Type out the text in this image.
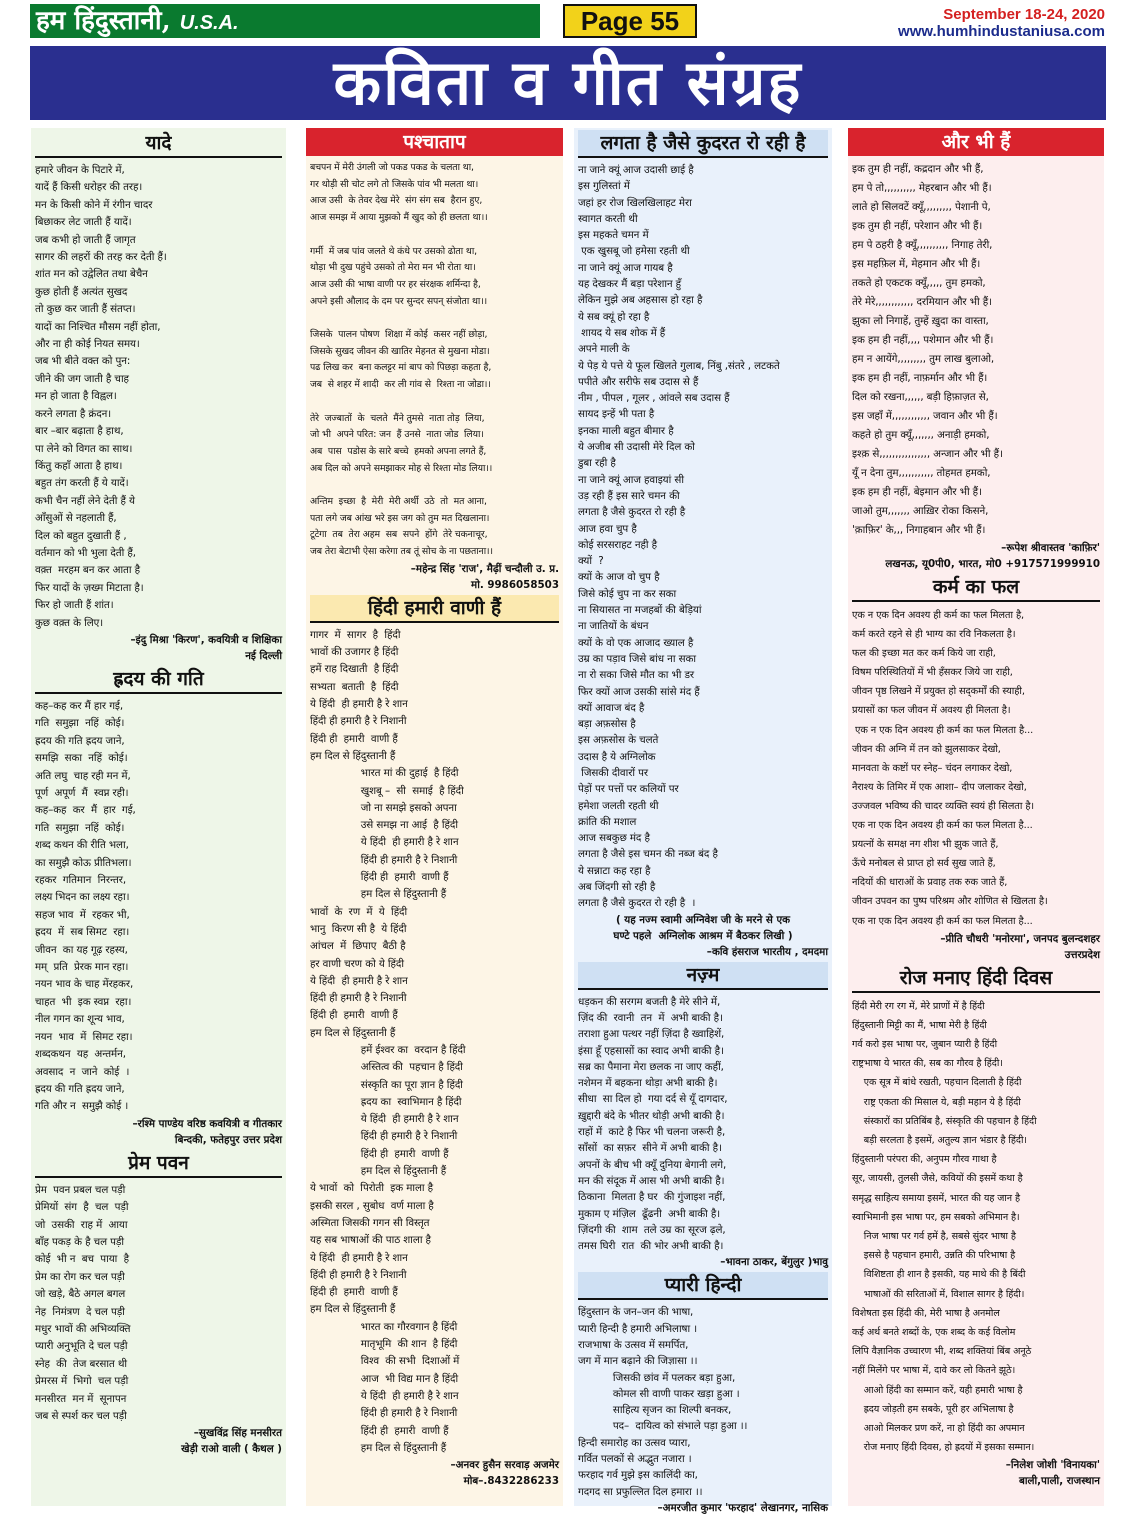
हम हिंदुस्तानी, U.S.A.	Page 55	September 18-24, 2020
www.humhindustaniusa.com
कविता व गीत संग्रह
यादे
हमारे जीवन के पिटारे में,
यादें हैं किसी धरोहर की तरह।
मन के किसी कोने में रंगीन चादर
बिछाकर लेट जाती हैं यादें।
जब कभी हो जाती हैं जागृत
सागर की लहरों की तरह कर देती हैं।
शांत मन को उद्वेलित तथा बेचैन
कुछ होती हैं अत्यंत सुखद
तो कुछ कर जाती हैं संतप्त।
यादों का निश्चित मौसम नहीं होता,
और ना ही कोई नियत समय।
जब भी बीते वक्त को पुन:
जीने की जग जाती है चाह
मन हो जाता है विह्वल।
करने लगता है क्रंदन।
बार –बार बढ़ाता है हाथ,
पा लेने को विगत का साथ।
किंतु कहाँ आता है हाथ।
बहुत तंग करती हैं ये यादें।
कभी चैन नहीं लेने देती हैं ये
आँसुओं से नहलाती हैं,
दिल को बहुत दुखाती हैं ,
वर्तमान को भी भुला देती हैं,
वक़्त  मरहम बन कर आता है
फिर यादों के ज़ख्म मिटाता है।
फिर हो जाती हैं शांत।
कुछ वक़्त के लिए।
–इंदु मिश्रा 'किरण', कवयित्री व शिक्षिका
नई दिल्ली
ह्रदय की गति
कह–कह कर मैं हार गई,
गति  समुझा  नहिं  कोई।
ह्रदय की गति ह्रदय जाने,
समझि  सका  नहिं  कोई।
अति लघु  चाह रही मन में,
पूर्ण  अपूर्ण  मैं  स्वप्न रही।
कह–कह  कर  मैं  हार  गई,
गति  समुझा  नहिं  कोई।
शब्द कथन की रीति भला,
का समुझै कोऊ प्रीतिभला।
रहकर  गतिमान  निरन्तर,
लक्ष्य भिदन का लक्ष्य रहा।
सहज भाव  में  रहकर भी,
ह्रदय  में  सब सिमट  रहा।
जीवन  का यह गूढ़ रहस्य,
मम्  प्रति  प्रेरक मान रहा।
नयन भाव के चाह मेंरहकर,
चाहत  भी  इक स्वप्न  रहा।
नील गगन का शून्य भाव,
नयन  भाव  में  सिमट रहा।
शब्दकथन  यह  अन्तर्मन,
अवसाद  न  जाने  कोई  ।
ह्रदय की गति ह्रदय जाने,
गति और न  समुझै कोई ।
–रश्मि पाण्डेय वरिष्ठ कवयित्री व गीतकार
बिन्दकी, फतेहपुर उत्तर प्रदेश
प्रेम पवन
प्रेम  पवन प्रबल चल पड़ी
प्रेमियों  संग  है  चल  पड़ी
जो  उसकी  राह में  आया
बाँह पकड़ के है चल पड़ी
कोई  भी न  बच  पाया  है
प्रेम का रोग कर चल पड़ी
जो खड़े, बैठे अगल बगल
नेह  निमंत्रण  दे चल पड़ी
मधुर भावों की अभिव्यक्ति
प्यारी अनुभूति दे चल पड़ी
स्नेह  की  तेज बरसात थी
प्रेमरस में  भिगो  चल पड़ी
मनसीरत  मन में  सूनापन
जब से स्पर्श कर चल पड़ी
–सुखविंद्र सिंह मनसीरत
खेड़ी राओ वाली ( कैथल )
पश्चाताप
बचपन में मेरी उंगली जो पकड पकड के चलता था,
गर थोड़ी सी चोट लगे तो जिसके पांव भी मलता था।
आज उसी  के तेवर देख मेरे  संग संग सब  हैरान हुए,
आज समझ में आया मुझको मैं खुद को ही छलता था।।

गर्मी  में जब पांव जलते थे कंधे पर उसको ढोता था,
थोड़ा भी दुख पहुंचे उसको तो मेरा मन भी रोता था।
आज उसी की भाषा वाणी पर हर संरक्षक शर्मिन्दा है,
अपने इसी औलाद के दम पर सुन्दर सपन् संजोता था।।

जिसके  पालन पोषण  शिक्षा में कोई  कसर नहीं छोड़ा,
जिसके सुखद जीवन की खातिर मेहनत से मुखना मोडा।
पढ लिख कर  बना कलट्टर मां बाप को पिछड़ा कहता है,
जब  से शहर में शादी  कर ली गांव से  रिश्ता ना जोडा।।

तेरे  जज्बातों  के  चलते  मैंने तुमसे  नाता तोड़  लिया,
जो भी  अपने परित: जन  हैं उनसे  नाता जोड  लिया।
अब  पास  पडोस के सारे बच्चे  हमको अपना लगते हैं,
अब दिल को अपने समझाकर मोह से रिश्ता मोड लिया।।

अन्तिम  इच्छा  है  मेरी  मेरी अर्थी  उठे  तो  मत आना,
पता लगे जब आंख भरे इस जग को तुम मत दिखलाना।
टूटेगा  तब  तेरा अहम  सब  सपने  होंगे  तेरे चकनाचूर,
जब तेरा बेटाभी ऐसा करेगा तब तूं सोच के ना पछताना।।
–महेन्द्र सिंह 'राज', मैढ़ीं चन्दौली उ. प्र.
मो. 9986058503
हिंदी हमारी वाणी हैं
गागर  में  सागर  है  हिंदी
भावों की उजागर है हिंदी
हमें राह दिखाती  है हिंदी
सभ्यता  बताती  है  हिंदी
ये हिंदी  ही हमारी है रे शान
हिंदी ही हमारी है रे निशानी
हिंदी ही  हमारी  वाणी हैं
हम दिल से हिंदुस्तानी हैं
भारत मां की दुहाई  है हिंदी
खुशबू –  सी  समाई  है हिंदी
जो ना समझे इसको अपना
उसे समझ ना आई  है हिंदी
ये हिंदी  ही हमारी है रे शान
हिंदी ही हमारी है रे निशानी
हिंदी ही  हमारी  वाणी हैं
हम दिल से हिंदुस्तानी हैं
भावों  के  रण  में  ये  हिंदी
भानु  किरण सी है  ये हिंदी
आंचल  में  छिपाए  बैठी है
हर वाणी चरण को ये हिंदी
ये हिंदी  ही हमारी है रे शान
हिंदी ही हमारी है रे निशानी
हिंदी ही  हमारी  वाणी हैं
हम दिल से हिंदुस्तानी हैं
हमें ईश्वर का  वरदान है हिंदी
अस्तित्व की  पहचान है हिंदी
संस्कृति का पूरा ज्ञान है हिंदी
ह्रदय का  स्वाभिमान है हिंदी
ये हिंदी  ही हमारी है रे शान
हिंदी ही हमारी है रे निशानी
हिंदी ही  हमारी  वाणी हैं
हम दिल से हिंदुस्तानी हैं
ये भावों  को  पिरोती  इक माला है
इसकी सरल , सुबोध  वर्ण माला है
अस्मिता जिसकी गगन सी विस्तृत
यह सब भाषाओं की पाठ शाला है
ये हिंदी  ही हमारी है रे शान
हिंदी ही हमारी है रे निशानी
हिंदी ही  हमारी  वाणी हैं
हम दिल से हिंदुस्तानी हैं
भारत का गौरवगान है हिंदी
मातृभूमि  की शान  है हिंदी
विश्व  की सभी  दिशाओं में
आज  भी विद्य मान है हिंदी
ये हिंदी  ही हमारी है रे शान
हिंदी ही हमारी है रे निशानी
हिंदी ही  हमारी  वाणी हैं
हम दिल से हिंदुस्तानी हैं
–अनवर हुसैन सरवाड़ अजमेर
मोब–.8432286233
लगता है जैसे कुदरत रो रही है
ना जाने क्यूं आज उदासी छाई है
इस गुलिस्तां में
जहां हर रोज खिलखिलाहट मेरा
स्वागत करती थी
इस महकते चमन में
एक खुसबू जो हमेसा रहती थी
ना जाने क्यूं आज गायब है
यह देखकर मैं बड़ा परेशान हुँ
लेकिन मुझे अब अहसास हो रहा है
ये सब क्यूं हो रहा है
शायद ये सब शोक में हैं
अपने माली के
ये पेड़ ये पत्ते ये फूल खिलते गुलाब, निंबु ,संतरे , लटकते
पपीते और सरीफे सब उदास से हैं
नीम , पीपल , गूलर , आंवले सब उदास हैं
सायद इन्हें भी पता है
इनका माली बहुत बीमार है
ये अजीब सी उदासी मेरे दिल को
डुबा रही है
ना जाने क्यूं आज हवाइयां सी
उड़ रही हैं इस सारे चमन की
लगता है जैसे कुदरत रो रही है
आज हवा चुप है
कोई सरसराहट नही है
क्यों  ?
क्यों के आज वो चुप है
जिसे कोई चुप ना कर सका
ना सियासत ना मजहबों की बेड़ियां
ना जातियों के बंधन
क्यों के वो एक आजाद ख्याल है
उम्र का पड़ाव जिसे बांध ना सका
ना रो सका जिसे मौत का भी डर
फिर क्यों आज उसकी सांसे मंद हैं
क्यों आवाज बंद है
बड़ा अफ़सोस है
इस अफ़सोस के चलते
उदास है ये अग्निलोक
जिसकी दीवारों पर
पेड़ों पर पत्तों पर कलियों पर
हमेशा जलती रहती थी
क्रांति की मशाल
आज सबकुछ मंद है
लगता है जैसे इस चमन की नब्ज बंद है
ये सन्नाटा कह रहा है
अब जिंदगी सो रही है
लगता है जैसे कुदरत रो रही है  ।
( यह नज्म स्वामी अग्निवेश जी के मरने से एक
घण्टे पहले  अग्निलोक आश्रम में बैठकर लिखी )
–कवि हंसराज भारतीय , दमदमा
नज़्म
धड़कन की सरगम बजती है मेरे सीने में,
ज़िंद की  रवानी  तन  में  अभी बाकी है।
तराशा हुआ पत्थर नहीं ज़िंदा है ख्वाहिशें,
इंसा हूँ एहसासों का स्वाद अभी बाकी है।
सब्र का पैमाना मेरा छलक ना जाए कहीं,
नशेमन में बहकना थोड़ा अभी बाकी है।
सीधा  सा दिल हो  गया दर्द से यूँ दागदार,
ख़ुद्दारी बंदे के भीतर थोड़ी अभी बाकी है।
राहों में  काटे है फिर भी चलना जरूरी है,
साँसों  का सफ़र  सीने में अभी बाकी है।
अपनों के बीच भी क्यूँ दुनिया बेगानी लगे,
मन की संदूक में आस भी अभी बाकी है।
ठिकाना  मिलता है घर  की गुंजाइश नहीं,
मुकाम ए मंज़िल  ढूँढनी  अभी बाकी है।
ज़िंदगी की  शाम  तले उम्र का सूरज ढ़ले,
तमस घिरी  रात  की भोर अभी बाकी है।
–भावना ठाकर, बेंगुलुर )भावु
प्यारी हिन्दी
हिंदुस्तान के जन–जन की भाषा,
प्यारी हिन्दी है हमारी अभिलाषा ।
राजभाषा के उत्सव में समर्पित,
जग में मान बढ़ाने की जिज्ञासा ।।
जिसकी छांव में पलकर बड़ा हुआ,
कोमल सी वाणी पाकर खड़ा हुआ ।
साहित्य सृजन का शिल्पी बनकर,
पद–  दायित्व को संभाले पड़ा हुआ ।।
हिन्दी समारोह का उत्सव प्यारा,
गर्वित पलकों से अद्भुत नजारा ।
फरहाद गर्व मुझे इस कालिंदी का,
गदगद सा प्रफुल्लित दिल हमारा ।।
–अमरजीत कुमार 'फरहाद' लेखानगर, नासिक
और भी हैं
इक तुम ही नहीं, कद्रदान और भी हैं,
हम पे तो,,,,,,,,,, मेहरबान और भी हैं।
लाते हो सिलवटें क्यूँ,,,,,,,,, पेशानी पे,
इक तुम ही नहीं, परेशान और भी हैं।
हम पे ठहरी है क्यूँ,,,,,,,,,, निगाह तेरी,
इस महफ़िल में, मेहमान और भी हैं।
तकते हो एकटक क्यूँ,,,,, तुम हमको,
तेरे मेरे,,,,,,,,,,,, दरमियान और भी हैं।
झुका लो निगाहें, तुम्हें ख़ुदा का वास्ता,
इक हम ही नहीं,,,, पशेमान और भी हैं।
हम न आयेंगे,,,,,,,,, तुम लाख बुलाओ,
इक हम ही नहीं, नाफ़र्मान और भी हैं।
दिल को रखना,,,,,, बड़ी हिफ़ाज़त से,
इस जहाँ में,,,,,,,,,,,, जवान और भी हैं।
कहते हो तुम क्यूँ,,,,,,, अनाड़ी हमको,
इश्क़ से,,,,,,,,,,,,,,,, अन्जान और भी हैं।
यूँ न देना तुम,,,,,,,,,,, तोहमत हमको,
इक हम ही नहीं, बेइमान और भी हैं।
जाओ तुम,,,,,,, आख़िर रोका किसने,
'क़ाफ़िर' के,,, निगाहबान और भी हैं।
–रूपेश श्रीवास्तव 'काफ़िर'
लखनऊ, यू0पी0, भारत, मो0 +917571999910
कर्म का फल
एक न एक दिन अवश्य ही कर्म का फल मिलता है,
कर्म करते रहने से ही भाग्य का रवि निकलता है।
फल की इच्छा मत कर कर्म किये जा राही,
विषम परिस्थितियों में भी हँसकर जिये जा राही,
जीवन पृष्ठ लिखने में प्रयुक्त हो सद्कर्मों की स्याही,
प्रयासों का फल जीवन में अवश्य ही मिलता है।
एक न एक दिन अवश्य ही कर्म का फल मिलता है...
जीवन की अग्नि में तन को झुलसाकर देखो,
मानवता के कष्टों पर स्नेह– चंदन लगाकर देखो,
नैराश्य के तिमिर में एक आशा– दीप जलाकर देखो,
उज्जवल भविष्य की चादर व्यक्ति स्वयं ही सिलता है।
एक ना एक दिन अवश्य ही कर्म का फल मिलता है...
प्रयत्नों के समक्ष नग शीश भी झुक जाते हैं,
ऊँचे मनोबल से प्राप्त हो सर्व सुख जाते हैं,
नदियों की धाराओं के प्रवाह तक रुक जाते हैं,
जीवन उपवन का पुष्प परिश्रम और शोणित से खिलता है।
एक ना एक दिन अवश्य ही कर्म का फल मिलता है...
–प्रीति चौधरी 'मनोरमा', जनपद बुलन्दशहर
उत्तरप्रदेश
रोज मनाए हिंदी दिवस
हिंदी मेरी रग रग में, मेरे प्राणों में है हिंदी
हिंदुस्तानी मिट्टी का मैं, भाषा मेरी है हिंदी
गर्व करो इस भाषा पर, जुबान प्यारी है हिंदी
राष्ट्रभाषा ये भारत की, सब का गौरव है हिंदी।
एक सूत्र में बांधे रखती, पहचान दिलाती है हिंदी
राष्ट्र एकता की मिसाल ये, बड़ी महान ये है हिंदी
संस्कारों का प्रतिबिंब है, संस्कृति की पहचान है हिंदी
बड़ी सरलता है इसमें, अतुल्य ज्ञान भंडार है हिंदी।
हिंदुस्तानी परंपरा की, अनुपम गौरव गाथा है
सूर, जायसी, तुलसी जैसे, कवियों की इसमें कथा है
समृद्ध साहित्य समाया इसमें, भारत की यह जान है
स्वाभिमानी इस भाषा पर, हम सबको अभिमान है।
निज भाषा पर गर्व हमें है, सबसे सुंदर भाषा है
इससे है पहचान हमारी, उन्नति की परिभाषा है
विशिष्टता ही शान है इसकी, यह माथे की है बिंदी
भाषाओं की सरिताओं में, विशाल सागर है हिंदी।
विशेषता इस हिंदी की, मेरी भाषा है अनमोल
कई अर्थ बनते शब्दों के, एक शब्द के कई विलोम
लिपि वैज्ञानिक उच्चारण भी, शब्द शक्तियां बिंब अनूठे
नहीं मिलेंगे पर भाषा में, दावे कर लो कितने झूठे।
आओ हिंदी का सम्मान करें, यही हमारी भाषा है
ह्रदय जोड़ती हम सबके, पूरी हर अभिलाषा है
आओ मिलकर प्रण करें, ना हो हिंदी का अपमान
रोज मनाए हिंदी दिवस, हो ह्रदयों में इसका सम्मान।
–निलेश जोशी 'विनायका'
बाली,पाली, राजस्थान
